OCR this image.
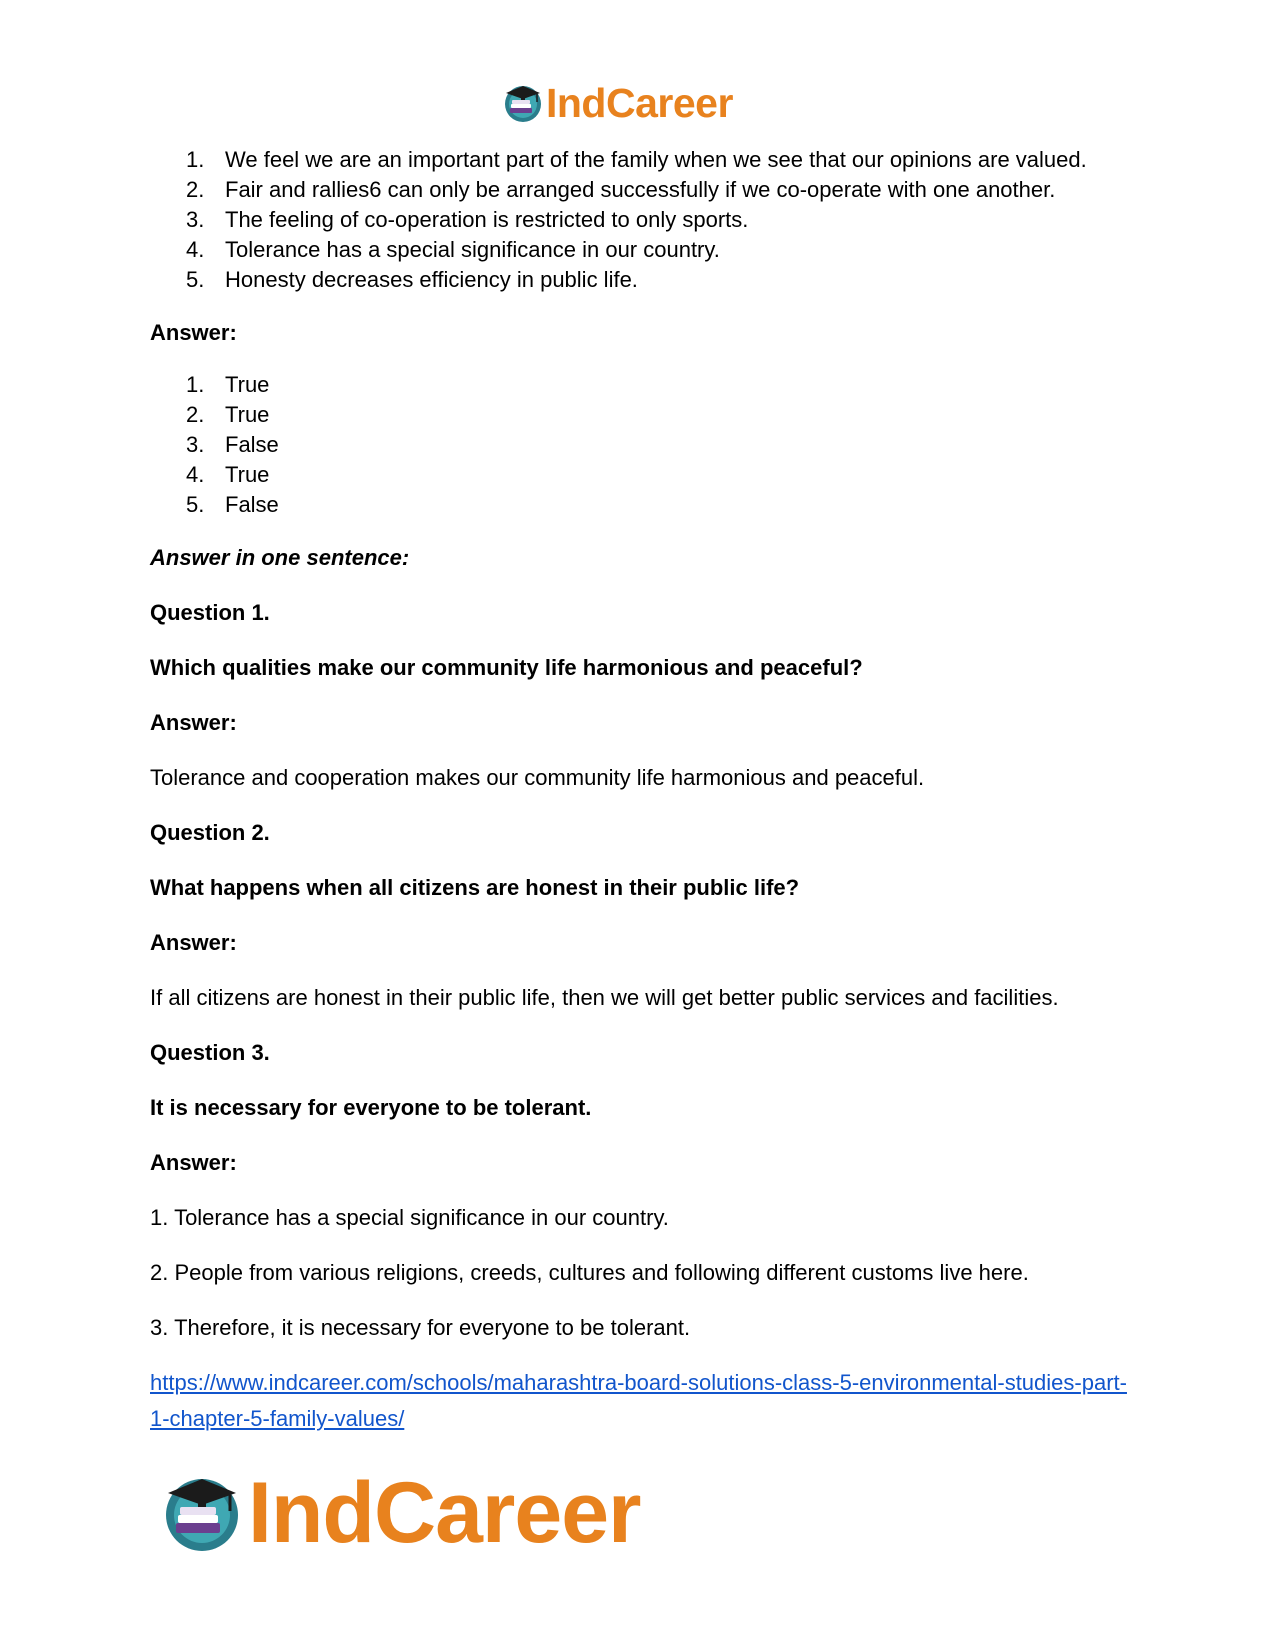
IndCareer
1. We feel we are an important part of the family when we see that our opinions are valued.
2. Fair and rallies6 can only be arranged successfully if we co-operate with one another.
3. The feeling of co-operation is restricted to only sports.
4. Tolerance has a special significance in our country.
5. Honesty decreases efficiency in public life.
Answer:
1. True
2. True
3. False
4. True
5. False
Answer in one sentence:
Question 1.
Which qualities make our community life harmonious and peaceful?
Answer:
Tolerance and cooperation makes our community life harmonious and peaceful.
Question 2.
What happens when all citizens are honest in their public life?
Answer:
If all citizens are honest in their public life, then we will get better public services and facilities.
Question 3.
It is necessary for everyone to be tolerant.
Answer:
1. Tolerance has a special significance in our country.
2. People from various religions, creeds, cultures and following different customs live here.
3. Therefore, it is necessary for everyone to be tolerant.
https://www.indcareer.com/schools/maharashtra-board-solutions-class-5-environmental-studies-part-1-chapter-5-family-values/
IndCareer
